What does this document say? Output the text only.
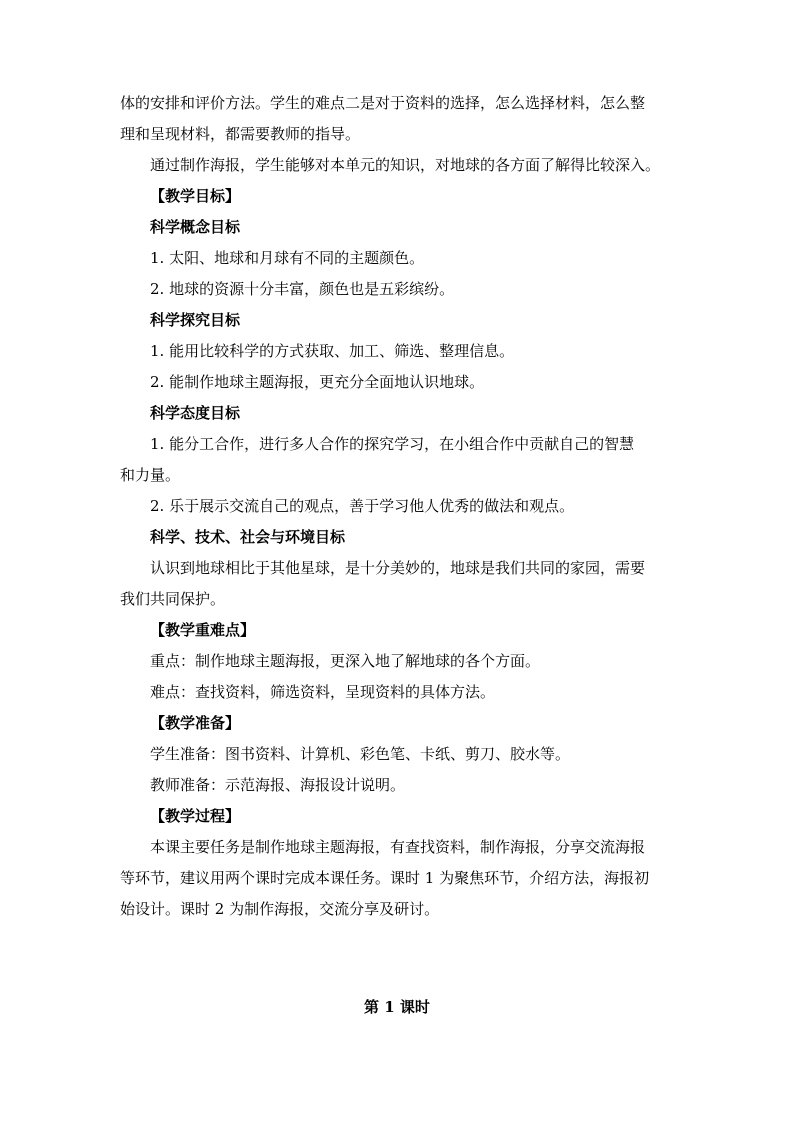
体的安排和评价方法。学生的难点二是对于资料的选择，怎么选择材料，怎么整
理和呈现材料，都需要教师的指导。
通过制作海报，学生能够对本单元的知识，对地球的各方面了解得比较深入。
【教学目标】
科学概念目标
1. 太阳、地球和月球有不同的主题颜色。
2. 地球的资源十分丰富，颜色也是五彩缤纷。
科学探究目标
1. 能用比较科学的方式获取、加工、筛选、整理信息。
2. 能制作地球主题海报，更充分全面地认识地球。
科学态度目标
1. 能分工合作，进行多人合作的探究学习，在小组合作中贡献自己的智慧
和力量。
2. 乐于展示交流自己的观点，善于学习他人优秀的做法和观点。
科学、技术、社会与环境目标
认识到地球相比于其他星球，是十分美妙的，地球是我们共同的家园，需要
我们共同保护。
【教学重难点】
重点：制作地球主题海报，更深入地了解地球的各个方面。
难点：查找资料，筛选资料，呈现资料的具体方法。
【教学准备】
学生准备：图书资料、计算机、彩色笔、卡纸、剪刀、胶水等。
教师准备：示范海报、海报设计说明。
【教学过程】
本课主要任务是制作地球主题海报，有查找资料，制作海报，分享交流海报
等环节，建议用两个课时完成本课任务。课时 1 为聚焦环节，介绍方法，海报初
始设计。课时 2 为制作海报，交流分享及研讨。
第 1 课时
